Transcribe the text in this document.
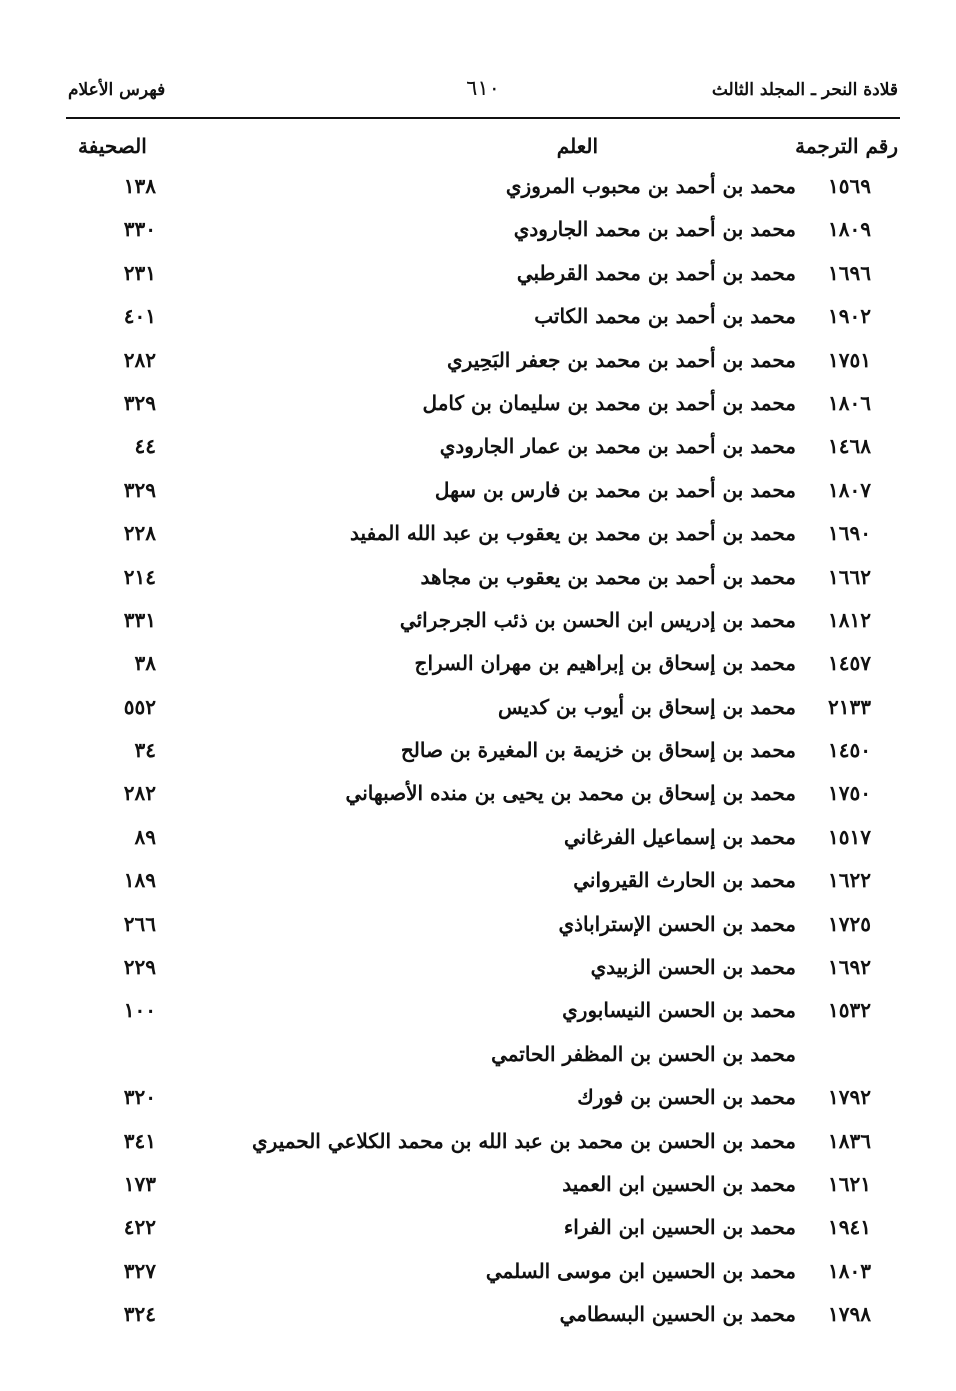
قلادة النحر ـ المجلد الثالث
٦١٠
فهرس الأعلام
رقم الترجمة
العلم
الصحيفة
١٥٦٩
محمد بن أحمد بن محبوب المروزي
١٣٨
١٨٠٩
محمد بن أحمد بن محمد الجارودي
٣٣٠
١٦٩٦
محمد بن أحمد بن محمد القرطبي
٢٣١
١٩٠٢
محمد بن أحمد بن محمد الكاتب
٤٠١
١٧٥١
محمد بن أحمد بن محمد بن جعفر البَحِيري
٢٨٢
١٨٠٦
محمد بن أحمد بن محمد بن سليمان بن كامل
٣٢٩
١٤٦٨
محمد بن أحمد بن محمد بن عمار الجارودي
٤٤
١٨٠٧
محمد بن أحمد بن محمد بن فارس بن سهل
٣٢٩
١٦٩٠
محمد بن أحمد بن محمد بن يعقوب بن عبد الله المفيد
٢٢٨
١٦٦٢
محمد بن أحمد بن محمد بن يعقوب بن مجاهد
٢١٤
١٨١٢
محمد بن إدريس ابن الحسن بن ذئب الجرجرائي
٣٣١
١٤٥٧
محمد بن إسحاق بن إبراهيم بن مهران السراج
٣٨
٢١٣٣
محمد بن إسحاق بن أيوب بن كديس
٥٥٢
١٤٥٠
محمد بن إسحاق بن خزيمة بن المغيرة بن صالح
٣٤
١٧٥٠
محمد بن إسحاق بن محمد بن يحيى بن منده الأصبهاني
٢٨٢
١٥١٧
محمد بن إسماعيل الفرغاني
٨٩
١٦٢٢
محمد بن الحارث القيرواني
١٨٩
١٧٢٥
محمد بن الحسن الإستراباذي
٢٦٦
١٦٩٢
محمد بن الحسن الزبيدي
٢٢٩
١٥٣٢
محمد بن الحسن النيسابوري
١٠٠
محمد بن الحسن بن المظفر الحاتمي
١٧٩٢
محمد بن الحسن بن فورك
٣٢٠
١٨٣٦
محمد بن الحسن بن محمد بن عبد الله بن محمد الكلاعي الحميري
٣٤١
١٦٢١
محمد بن الحسين ابن العميد
١٧٣
١٩٤١
محمد بن الحسين ابن الفراء
٤٢٢
١٨٠٣
محمد بن الحسين ابن موسى السلمي
٣٢٧
١٧٩٨
محمد بن الحسين البسطامي
٣٢٤
